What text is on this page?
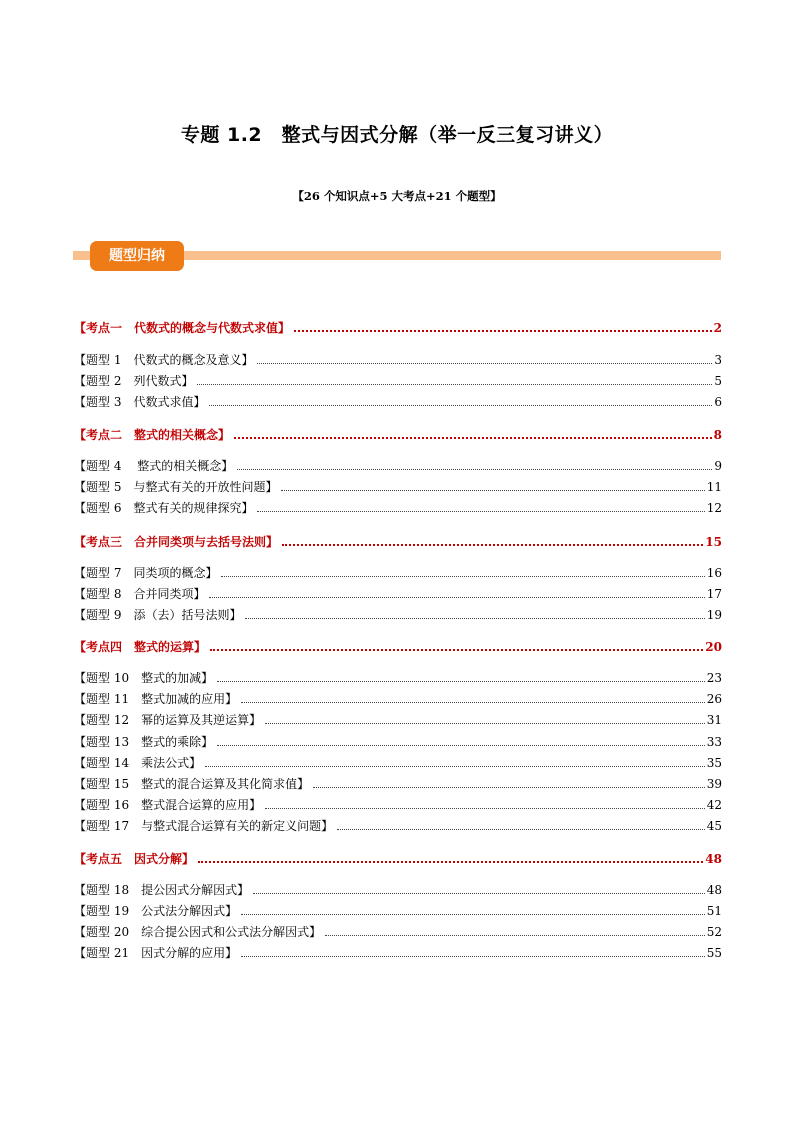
专题 1.2　整式与因式分解（举一反三复习讲义）
【26 个知识点+5 大考点+21 个题型】
题型归纳
【考点一　代数式的概念与代数式求值】	2
【题型 1　代数式的概念及意义】	3
【题型 2　列代数式】	5
【题型 3　代数式求值】	6
【考点二　整式的相关概念】	8
【题型 4　 整式的相关概念】	9
【题型 5　与整式有关的开放性问题】	11
【题型 6　整式有关的规律探究】	12
【考点三　合并同类项与去括号法则】	15
【题型 7　同类项的概念】	16
【题型 8　合并同类项】	17
【题型 9　添（去）括号法则】	19
【考点四　整式的运算】	20
【题型 10　整式的加减】	23
【题型 11　整式加减的应用】	26
【题型 12　幂的运算及其逆运算】	31
【题型 13　整式的乘除】	33
【题型 14　乘法公式】	35
【题型 15　整式的混合运算及其化简求值】	39
【题型 16　整式混合运算的应用】	42
【题型 17　与整式混合运算有关的新定义问题】	45
【考点五　因式分解】	48
【题型 18　提公因式分解因式】	48
【题型 19　公式法分解因式】	51
【题型 20　综合提公因式和公式法分解因式】	52
【题型 21　因式分解的应用】	55
